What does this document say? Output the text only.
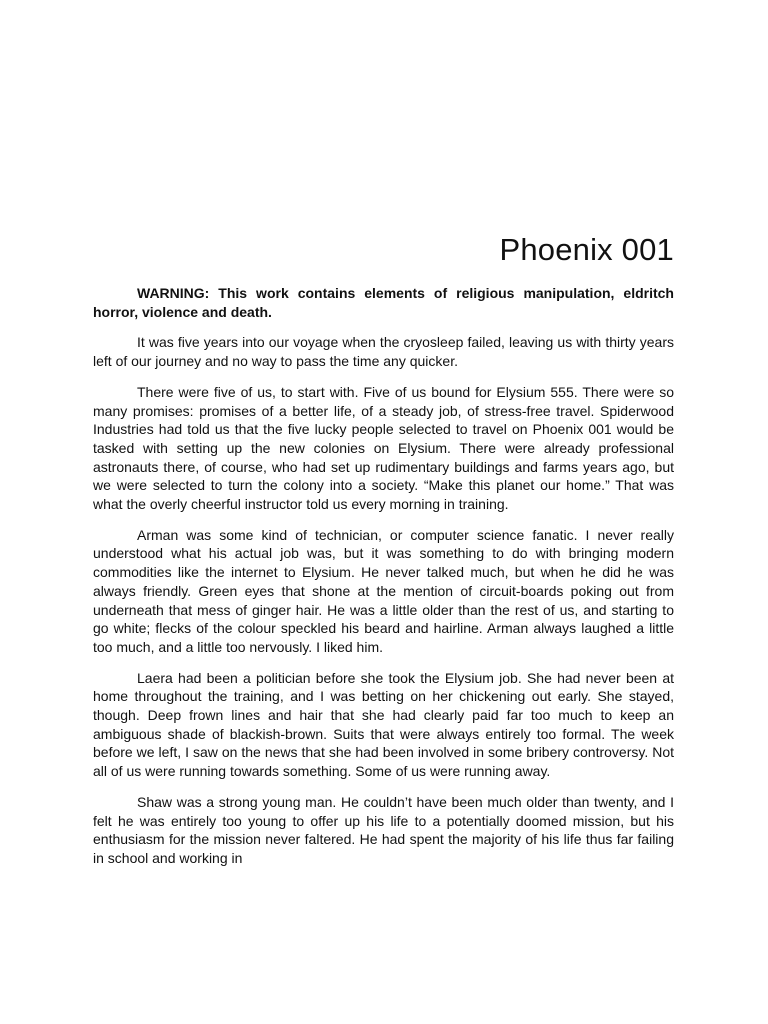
Phoenix 001

WARNING: This work contains elements of religious manipulation, eldritch horror, violence and death.

It was five years into our voyage when the cryosleep failed, leaving us with thirty years left of our journey and no way to pass the time any quicker.

There were five of us, to start with. Five of us bound for Elysium 555. There were so many promises: promises of a better life, of a steady job, of stress-free travel. Spiderwood Industries had told us that the five lucky people selected to travel on Phoenix 001 would be tasked with setting up the new colonies on Elysium. There were already professional astronauts there, of course, who had set up rudimentary buildings and farms years ago, but we were selected to turn the colony into a society. “Make this planet our home.” That was what the overly cheerful instructor told us every morning in training.

Arman was some kind of technician, or computer science fanatic. I never really understood what his actual job was, but it was something to do with bringing modern commodities like the internet to Elysium. He never talked much, but when he did he was always friendly. Green eyes that shone at the mention of circuit-boards poking out from underneath that mess of ginger hair. He was a little older than the rest of us, and starting to go white; flecks of the colour speckled his beard and hairline. Arman always laughed a little too much, and a little too nervously. I liked him.

Laera had been a politician before she took the Elysium job. She had never been at home throughout the training, and I was betting on her chickening out early. She stayed, though. Deep frown lines and hair that she had clearly paid far too much to keep an ambiguous shade of blackish-brown. Suits that were always entirely too formal. The week before we left, I saw on the news that she had been involved in some bribery controversy. Not all of us were running towards something. Some of us were running away.

Shaw was a strong young man. He couldn’t have been much older than twenty, and I felt he was entirely too young to offer up his life to a potentially doomed mission, but his enthusiasm for the mission never faltered. He had spent the majority of his life thus far failing in school and working in
